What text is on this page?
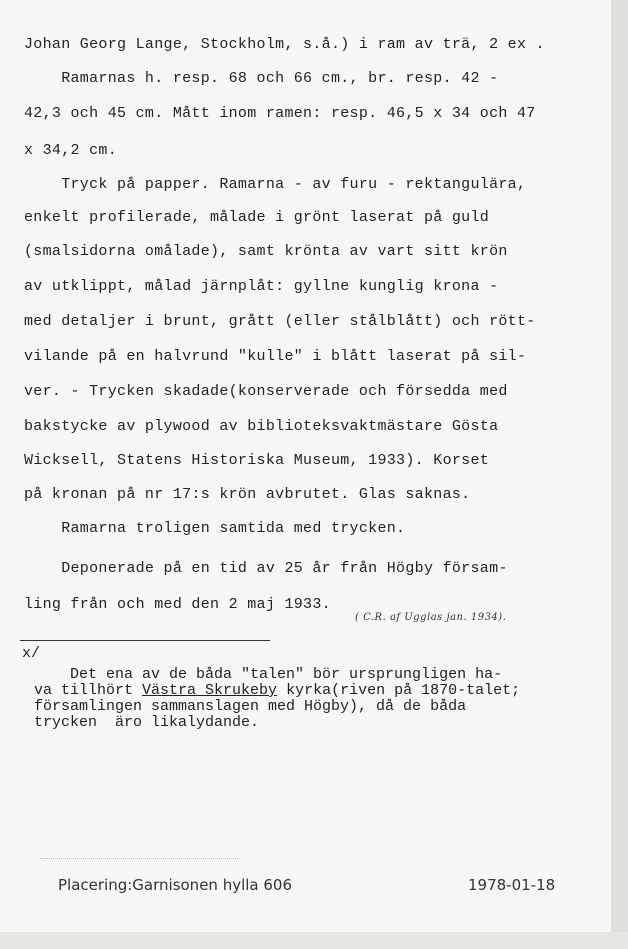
Johan Georg Lange, Stockholm, s.å.) i ram av trä, 2 ex .
Ramarnas h. resp. 68 och 66 cm., br. resp. 42 -
42,3 och 45 cm. Mått inom ramen: resp. 46,5 x 34 och 47
x 34,2 cm.
Tryck på papper. Ramarna - av furu - rektangulära,
enkelt profilerade, målade i grönt laserat på guld
(smalsidorna omålade), samt krönta av vart sitt krön
av utklippt, målad järnplåt: gyllne kunglig krona -
med detaljer i brunt, grått (eller stålblått) och rött-
vilande på en halvrund "kulle" i blått laserat på sil-
ver. - Trycken skadade(konserverade och försedda med
bakstycke av plywood av biblioteksvaktmästare Gösta
Wicksell, Statens Historiska Museum, 1933). Korset
på kronan på nr 17:s krön avbrutet. Glas saknas.
Ramarna troligen samtida med trycken.
Deponerade på en tid av 25 år från Högby försam-
ling från och med den 2 maj 1933.
( C.R. af Ugglas jan. 1934).
x/
Det ena av de båda "talen" bör ursprungligen ha-
va tillhört Västra Skrukeby kyrka(riven på 1870-talet;
församlingen sammanslagen med Högby), då de båda
trycken  äro likalydande.
Placering:Garnisonen hylla 606	1978-01-18
